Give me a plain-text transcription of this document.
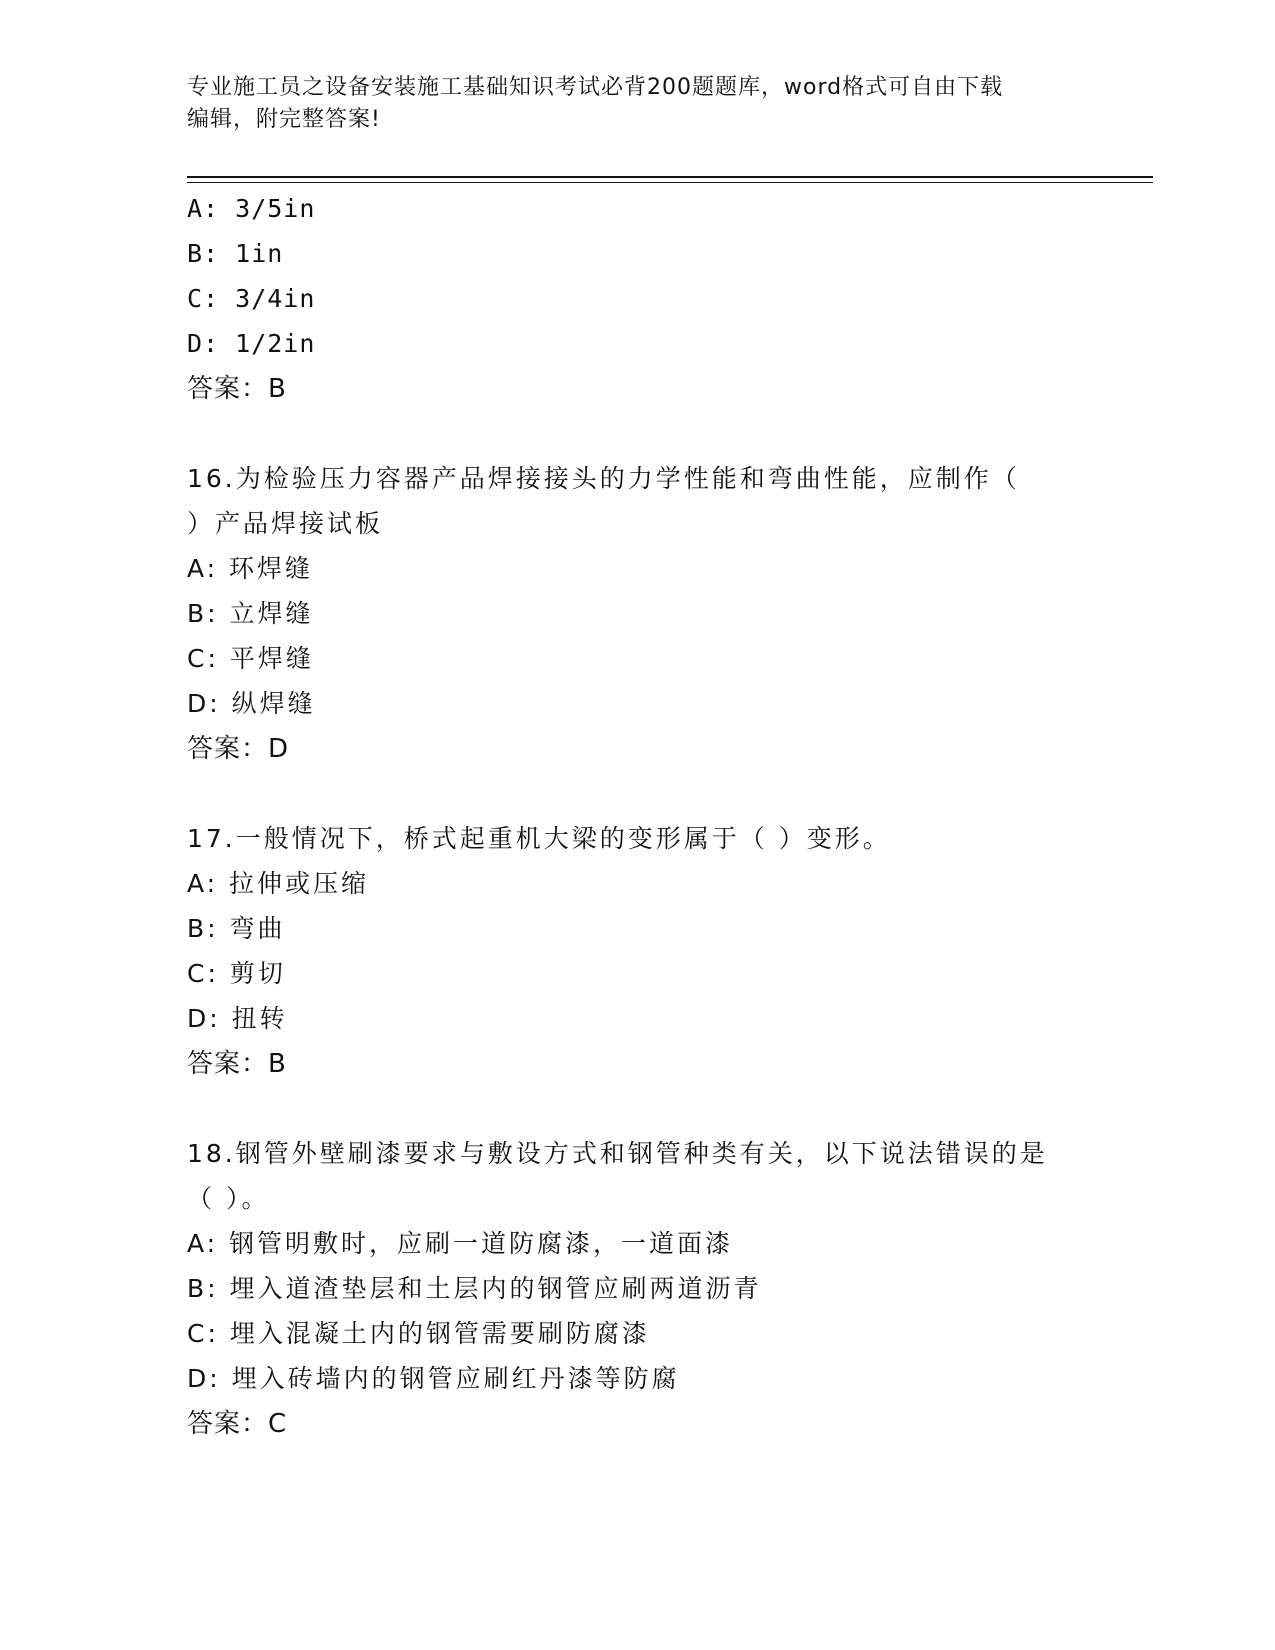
专业施工员之设备安装施工基础知识考试必背200题题库，word格式可自由下载
编辑，附完整答案!
A: 3/5in
B: 1in
C: 3/4in
D: 1/2in
答案：B
16.为检验压力容器产品焊接接头的力学性能和弯曲性能，应制作（
）产品焊接试板
A: 环焊缝
B: 立焊缝
C: 平焊缝
D: 纵焊缝
答案：D
17.一般情况下，桥式起重机大梁的变形属于（ ）变形。
A: 拉伸或压缩
B: 弯曲
C: 剪切
D: 扭转
答案：B
18.钢管外壁刷漆要求与敷设方式和钢管种类有关，以下说法错误的是
（ ）。
A: 钢管明敷时，应刷一道防腐漆，一道面漆
B: 埋入道渣垫层和土层内的钢管应刷两道沥青
C: 埋入混凝土内的钢管需要刷防腐漆
D: 埋入砖墙内的钢管应刷红丹漆等防腐
答案：C
